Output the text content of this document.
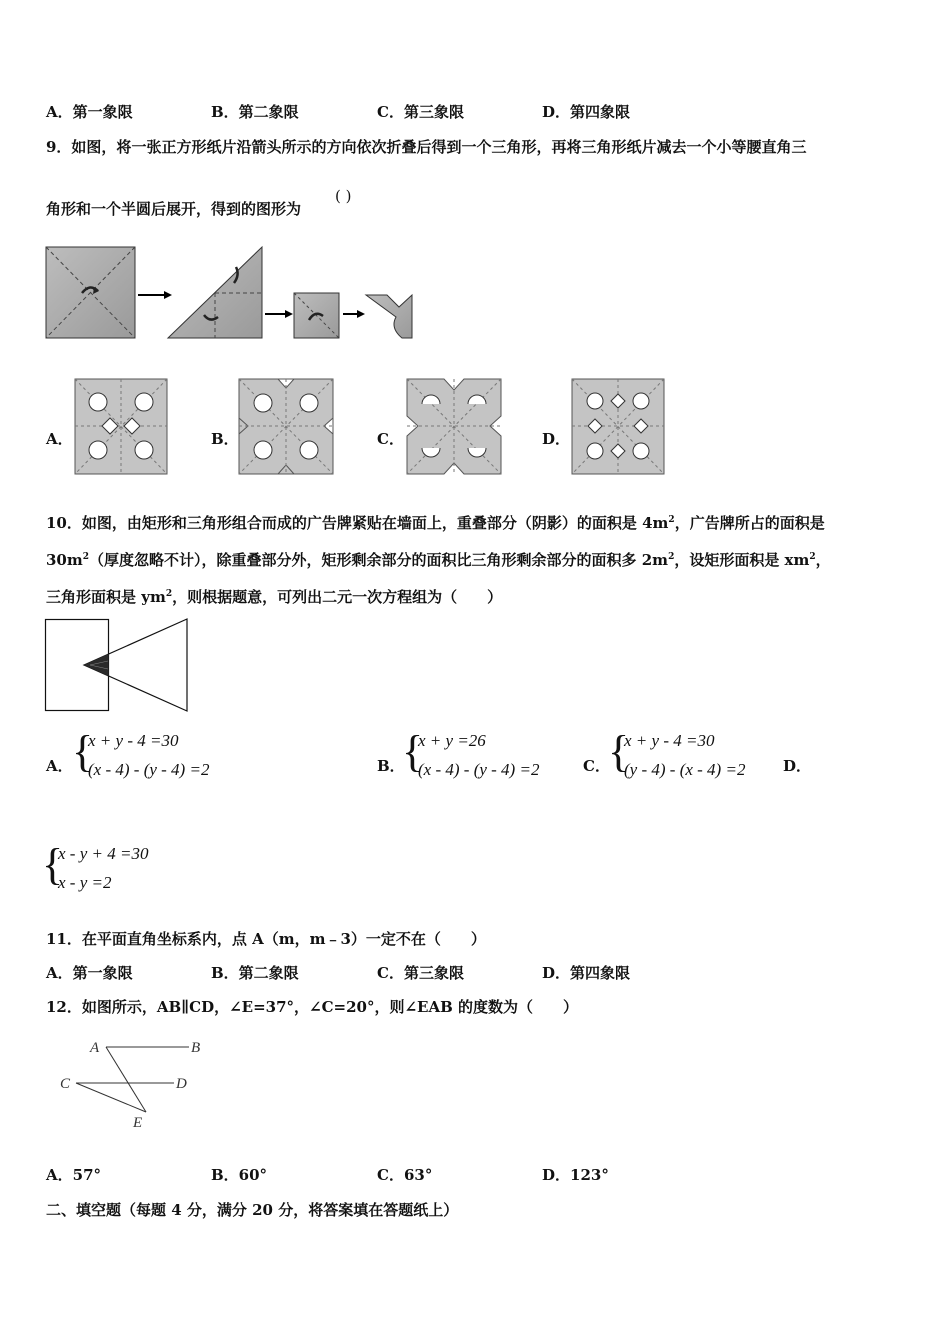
A．第一象限	B．第二象限	C．第三象限	D．第四象限
9．如图，将一张正方形纸片沿箭头所示的方向依次折叠后得到一个三角形，再将三角形纸片减去一个小等腰直角三
角形和一个半圆后展开，得到的图形为
( )
A．	B．	C．	D．
10．如图，由矩形和三角形组合而成的广告牌紧贴在墙面上，重叠部分（阴影）的面积是 $4m^2$，广告牌所占的面积是
$30m^2$（厚度忽略不计），除重叠部分外，矩形剩余部分的面积比三角形剩余部分的面积多 $2m^2$，设矩形面积是 $xm^2$，
三角形面积是 $ym^2$，则根据题意，可列出二元一次方程组为（　　）
A． {
x + y - 4 =30
(x - 4) - (y - 4) =2	B．
{
x + y =26
(x - 4) - (y - 4) =2	C．
{
x + y - 4 =30
(y - 4) - (x - 4) =2	D．
{
x - y + 4 =30
x - y =2
11．在平面直角坐标系内，点 A（m，m﹣3）一定不在（　　）
A．第一象限	B．第二象限	C．第三象限	D．第四象限
12．如图所示，AB∥CD，∠E=37°，∠C=20°，则∠EAB 的度数为（　　）
A	B
C	D
E
A．57°	B．60°	C．63°	D．123°
二、填空题（每题 4 分，满分 20 分，将答案填在答题纸上）
